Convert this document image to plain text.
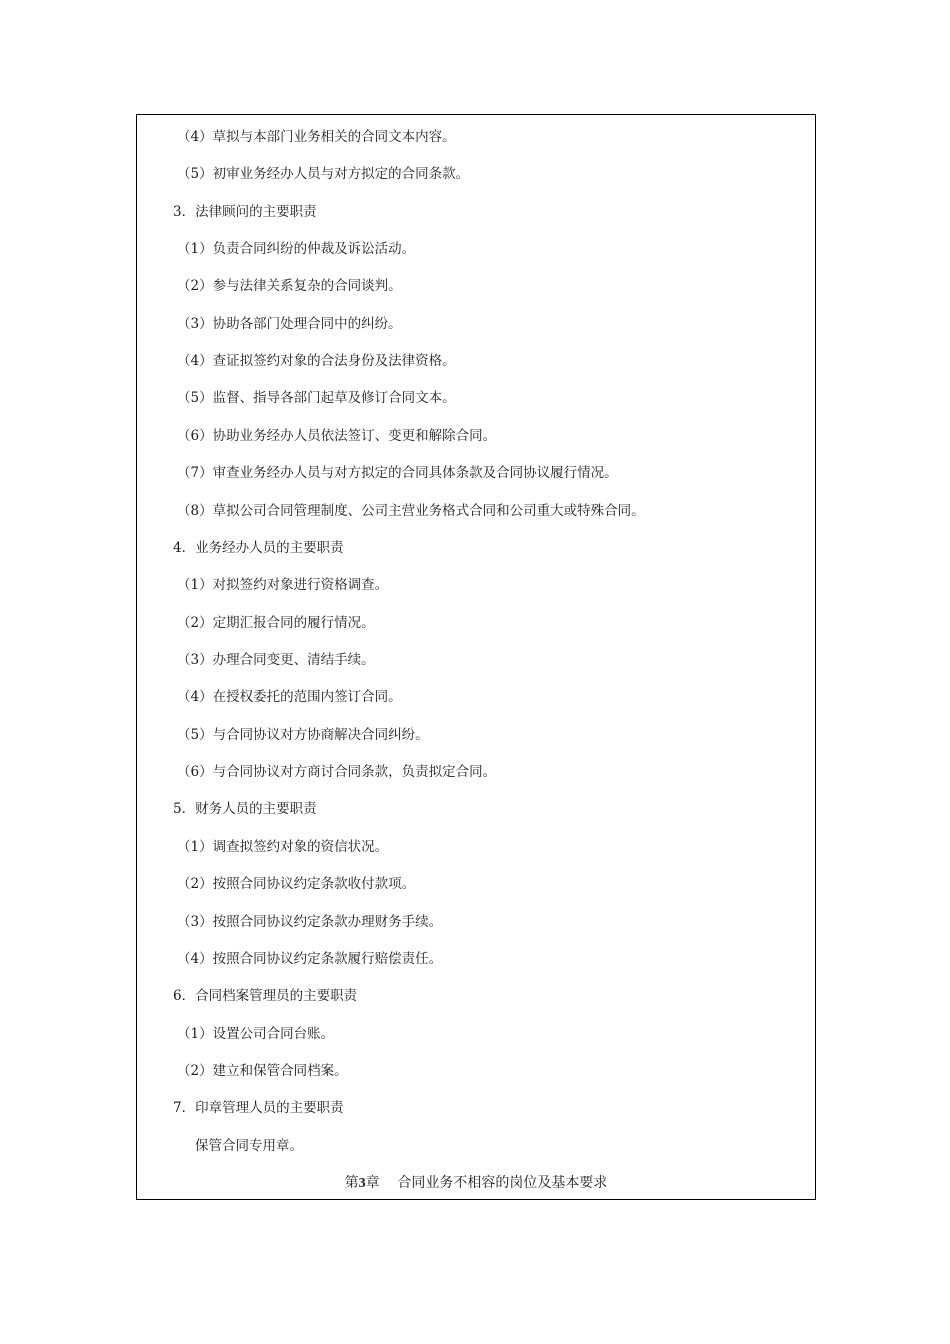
（4）草拟与本部门业务相关的合同文本内容。
（5）初审业务经办人员与对方拟定的合同条款。
3．法律顾问的主要职责
（1）负责合同纠纷的仲裁及诉讼活动。
（2）参与法律关系复杂的合同谈判。
（3）协助各部门处理合同中的纠纷。
（4）查证拟签约对象的合法身份及法律资格。
（5）监督、指导各部门起草及修订合同文本。
（6）协助业务经办人员依法签订、变更和解除合同。
（7）审查业务经办人员与对方拟定的合同具体条款及合同协议履行情况。
（8）草拟公司合同管理制度、公司主营业务格式合同和公司重大或特殊合同。
4．业务经办人员的主要职责
（1）对拟签约对象进行资格调查。
（2）定期汇报合同的履行情况。
（3）办理合同变更、清结手续。
（4）在授权委托的范围内签订合同。
（5）与合同协议对方协商解决合同纠纷。
（6）与合同协议对方商讨合同条款，负责拟定合同。
5．财务人员的主要职责
（1）调查拟签约对象的资信状况。
（2）按照合同协议约定条款收付款项。
（3）按照合同协议约定条款办理财务手续。
（4）按照合同协议约定条款履行赔偿责任。
6．合同档案管理员的主要职责
（1）设置公司合同台账。
（2）建立和保管合同档案。
7．印章管理人员的主要职责
保管合同专用章。
第3章 合同业务不相容的岗位及基本要求
